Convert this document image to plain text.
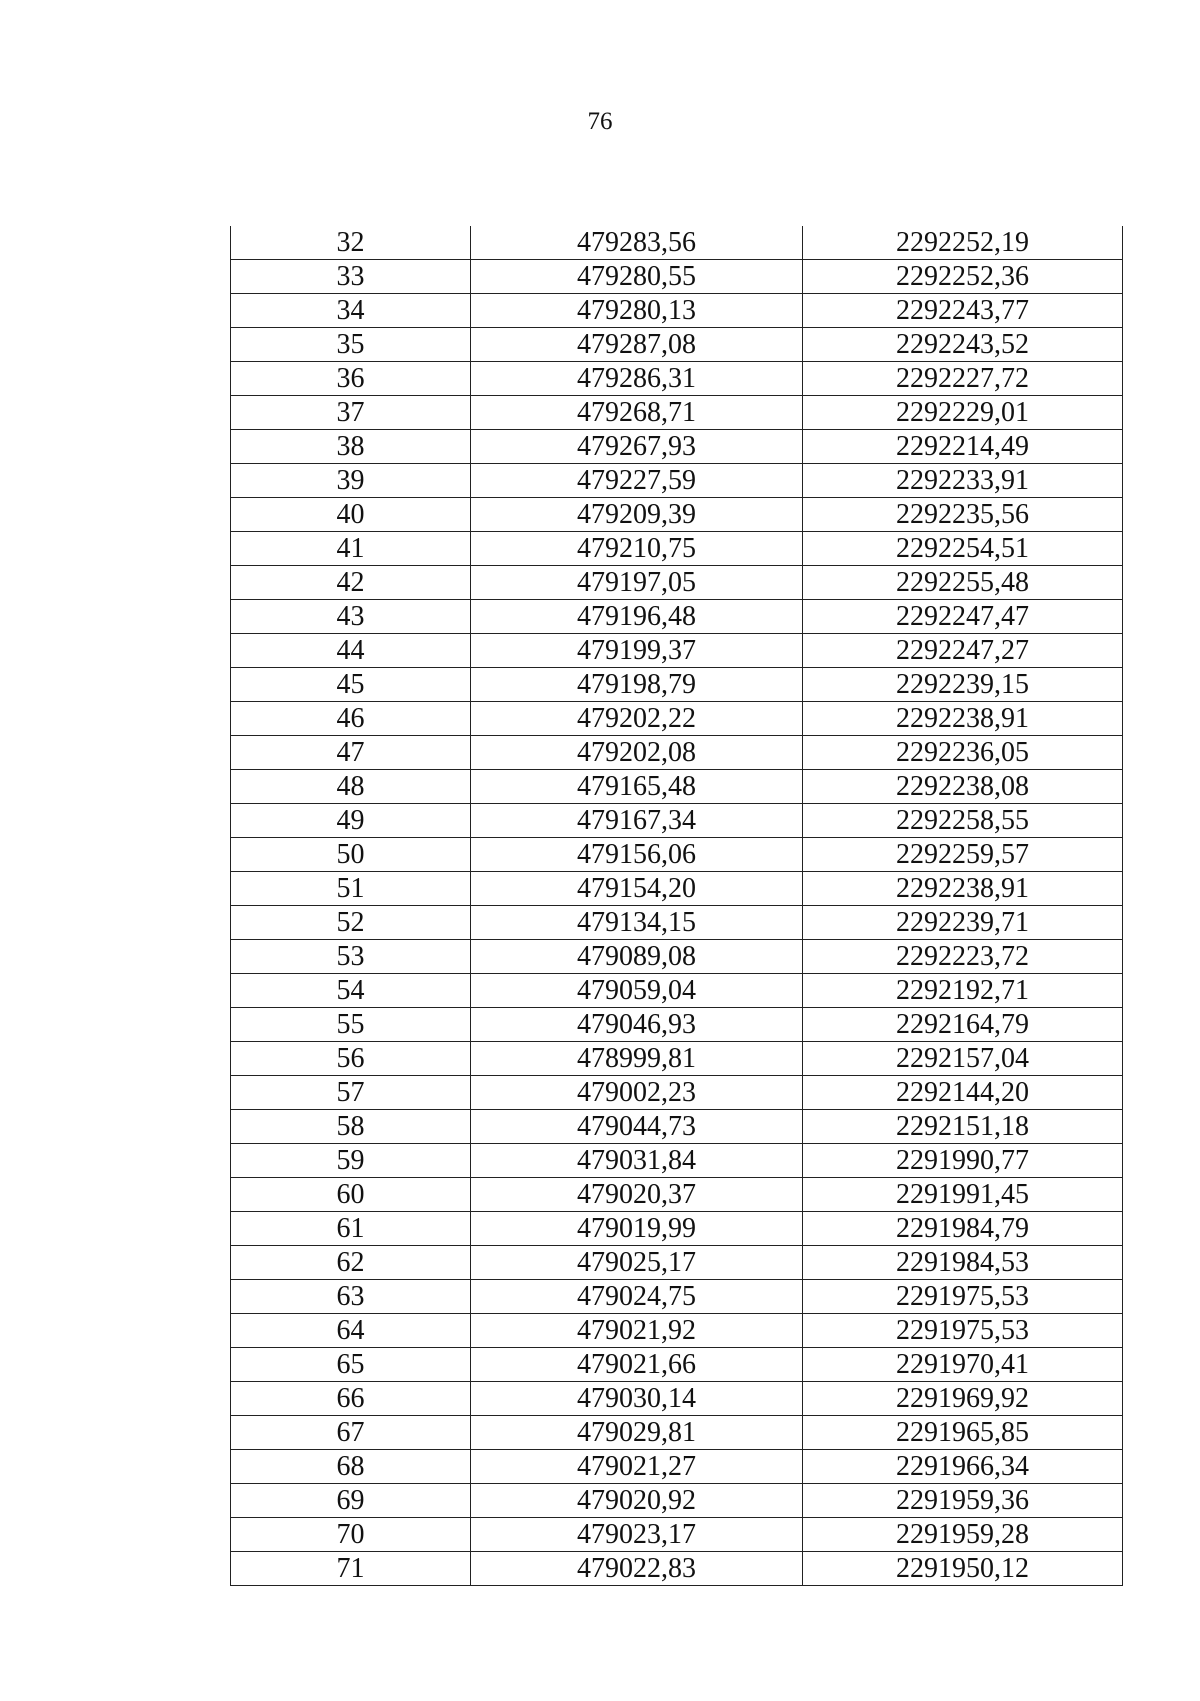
76
32	479283,56	2292252,19
33	479280,55	2292252,36
34	479280,13	2292243,77
35	479287,08	2292243,52
36	479286,31	2292227,72
37	479268,71	2292229,01
38	479267,93	2292214,49
39	479227,59	2292233,91
40	479209,39	2292235,56
41	479210,75	2292254,51
42	479197,05	2292255,48
43	479196,48	2292247,47
44	479199,37	2292247,27
45	479198,79	2292239,15
46	479202,22	2292238,91
47	479202,08	2292236,05
48	479165,48	2292238,08
49	479167,34	2292258,55
50	479156,06	2292259,57
51	479154,20	2292238,91
52	479134,15	2292239,71
53	479089,08	2292223,72
54	479059,04	2292192,71
55	479046,93	2292164,79
56	478999,81	2292157,04
57	479002,23	2292144,20
58	479044,73	2292151,18
59	479031,84	2291990,77
60	479020,37	2291991,45
61	479019,99	2291984,79
62	479025,17	2291984,53
63	479024,75	2291975,53
64	479021,92	2291975,53
65	479021,66	2291970,41
66	479030,14	2291969,92
67	479029,81	2291965,85
68	479021,27	2291966,34
69	479020,92	2291959,36
70	479023,17	2291959,28
71	479022,83	2291950,12
